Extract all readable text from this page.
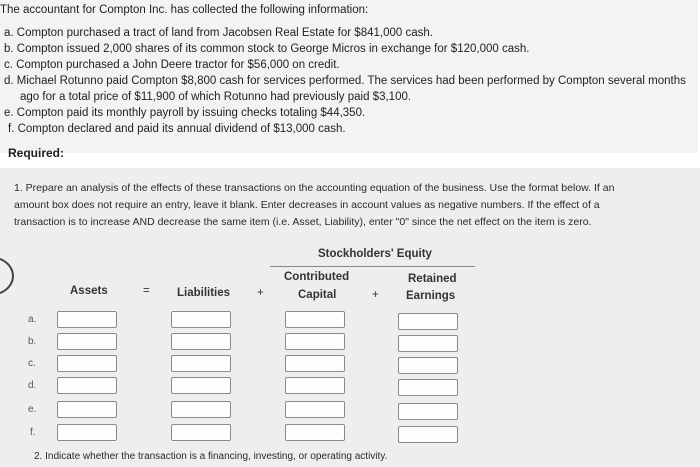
The accountant for Compton Inc. has collected the following information:
a. Compton purchased a tract of land from Jacobsen Real Estate for $841,000 cash.
b. Compton issued 2,000 shares of its common stock to George Micros in exchange for $120,000 cash.
c. Compton purchased a John Deere tractor for $56,000 on credit.
d. Michael Rotunno paid Compton $8,800 cash for services performed. The services had been performed by Compton several months
ago for a total price of $11,900 of which Rotunno had previously paid $3,100.
e. Compton paid its monthly payroll by issuing checks totaling $44,350.
f. Compton declared and paid its annual dividend of $13,000 cash.
Required:
1. Prepare an analysis of the effects of these transactions on the accounting equation of the business. Use the format below. If an
amount box does not require an entry, leave it blank. Enter decreases in account values as negative numbers. If the effect of a
transaction is to increase AND decrease the same item (i.e. Asset, Liability), enter "0" since the net effect on the item is zero.
Stockholders' Equity
Assets	= Liabilities +
Contributed
Capital	+
Retained
Earnings
a.
b.
c.
d.
e.
f.
2. Indicate whether the transaction is a financing, investing, or operating activity.
